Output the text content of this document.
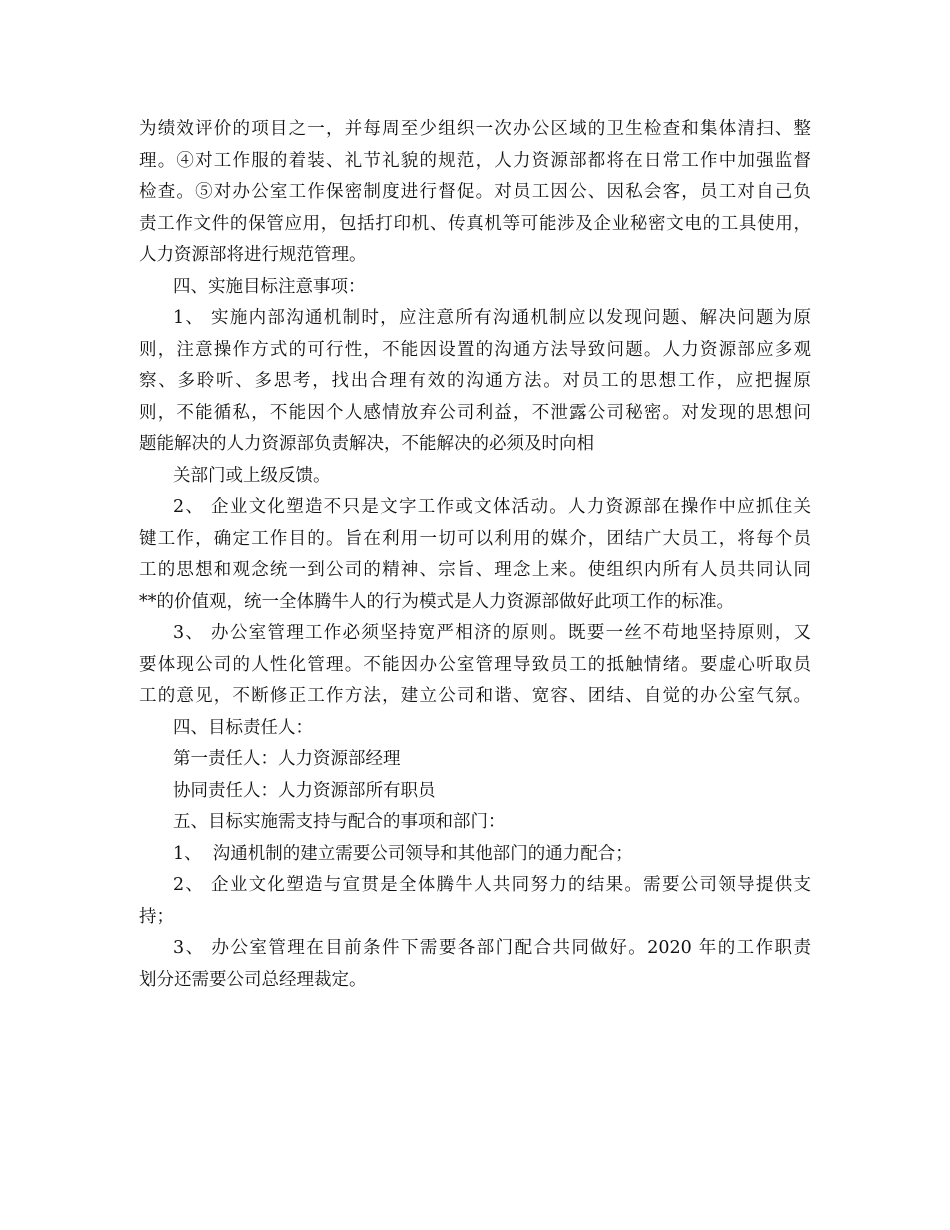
为绩效评价的项目之一，并每周至少组织一次办公区域的卫生检查和集体清扫、整
理。④对工作服的着装、礼节礼貌的规范，人力资源部都将在日常工作中加强监督
检查。⑤对办公室工作保密制度进行督促。对员工因公、因私会客，员工对自己负
责工作文件的保管应用，包括打印机、传真机等可能涉及企业秘密文电的工具使用，
人力资源部将进行规范管理。
四、实施目标注意事项：
1、 实施内部沟通机制时，应注意所有沟通机制应以发现问题、解决问题为原
则，注意操作方式的可行性，不能因设置的沟通方法导致问题。人力资源部应多观
察、多聆听、多思考，找出合理有效的沟通方法。对员工的思想工作，应把握原
则，不能循私，不能因个人感情放弃公司利益，不泄露公司秘密。对发现的思想问
题能解决的人力资源部负责解决，不能解决的必须及时向相
关部门或上级反馈。
2、 企业文化塑造不只是文字工作或文体活动。人力资源部在操作中应抓住关
键工作，确定工作目的。旨在利用一切可以利用的媒介，团结广大员工，将每个员
工的思想和观念统一到公司的精神、宗旨、理念上来。使组织内所有人员共同认同
**的价值观，统一全体腾牛人的行为模式是人力资源部做好此项工作的标准。
3、 办公室管理工作必须坚持宽严相济的原则。既要一丝不苟地坚持原则，又
要体现公司的人性化管理。不能因办公室管理导致员工的抵触情绪。要虚心听取员
工的意见，不断修正工作方法，建立公司和谐、宽容、团结、自觉的办公室气氛。
四、目标责任人：
第一责任人：人力资源部经理
协同责任人：人力资源部所有职员
五、目标实施需支持与配合的事项和部门：
1、  沟通机制的建立需要公司领导和其他部门的通力配合；
2、 企业文化塑造与宣贯是全体腾牛人共同努力的结果。需要公司领导提供支
持；
3、 办公室管理在目前条件下需要各部门配合共同做好。2020 年的工作职责
划分还需要公司总经理裁定。
